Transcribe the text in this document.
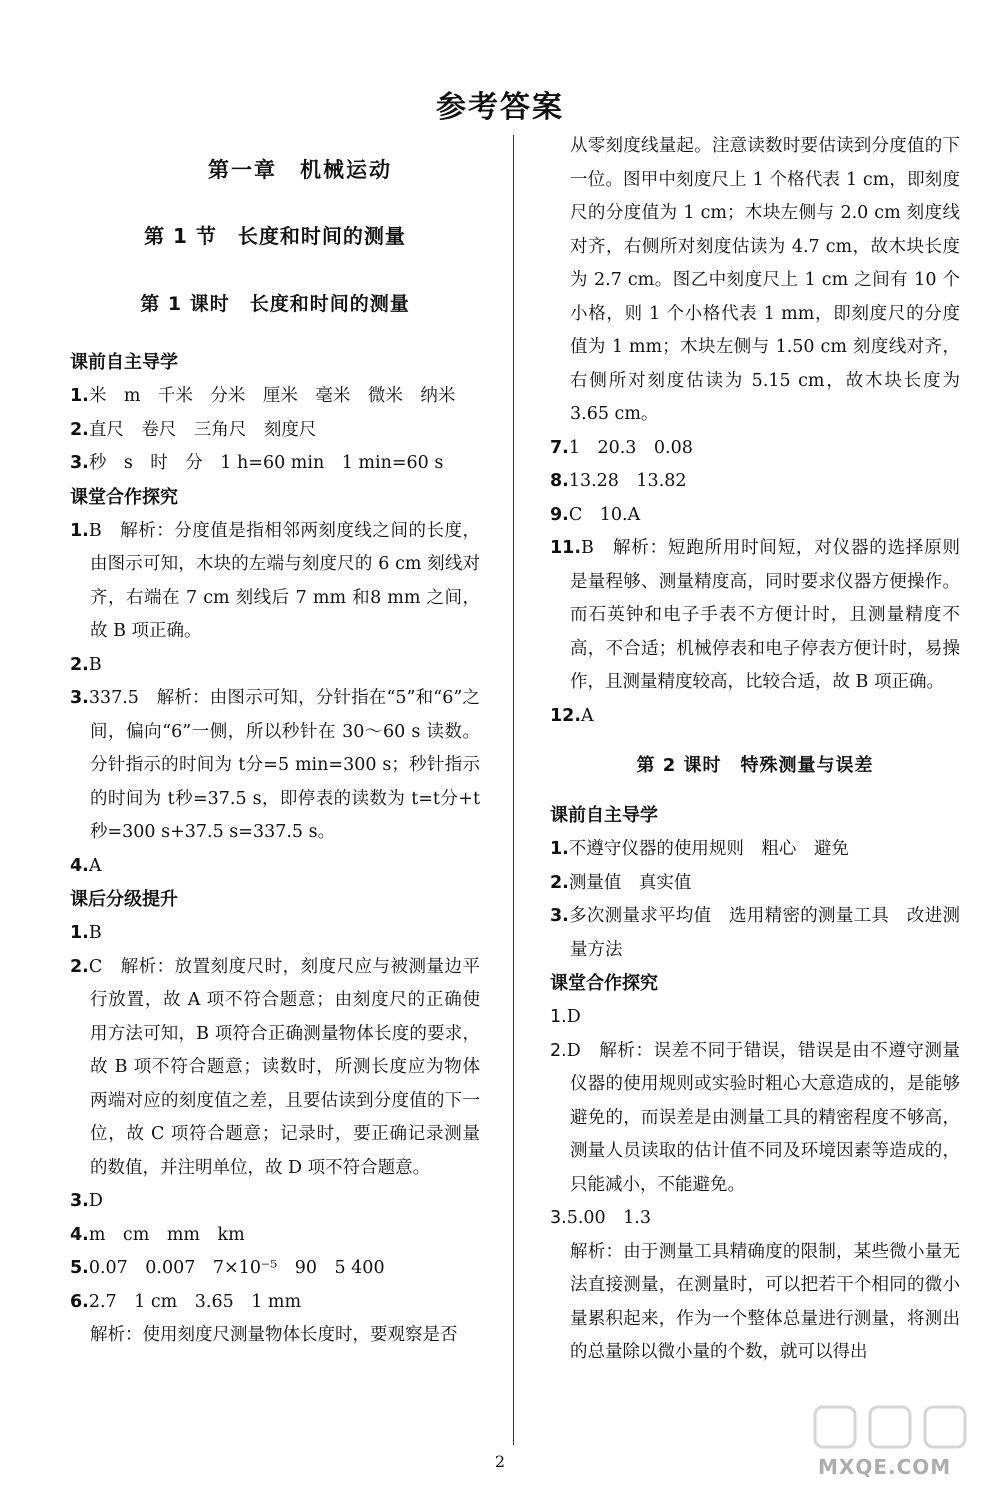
参考答案
第一章　机械运动
第 1 节　长度和时间的测量
第 1 课时　长度和时间的测量
课前自主导学
1.米　m　千米　分米　厘米　毫米　微米　纳米
2.直尺　卷尺　三角尺　刻度尺
3.秒　s　时　分　1 h=60 min　1 min=60 s
课堂合作探究
1.B　解析：分度值是指相邻两刻度线之间的长度，由图示可知，木块的左端与刻度尺的 6 cm 刻线对齐，右端在 7 cm 刻线后 7 mm 和8 mm 之间，故 B 项正确。
2.B
3.337.5　解析：由图示可知，分针指在“5”和“6”之间，偏向“6”一侧，所以秒针在 30～60 s 读数。分针指示的时间为 t分=5 min=300 s；秒针指示的时间为 t秒=37.5 s，即停表的读数为 t=t分+t秒=300 s+37.5 s=337.5 s。
4.A
课后分级提升
1.B
2.C　解析：放置刻度尺时，刻度尺应与被测量边平行放置，故 A 项不符合题意；由刻度尺的正确使用方法可知，B 项符合正确测量物体长度的要求，故 B 项不符合题意；读数时，所测长度应为物体两端对应的刻度值之差，且要估读到分度值的下一位，故 C 项符合题意；记录时，要正确记录测量的数值，并注明单位，故 D 项不符合题意。
3.D
4.m　cm　mm　km
5.0.07　0.007　7×10⁻⁵　90　5 400
6.2.7　1 cm　3.65　1 mm
解析：使用刻度尺测量物体长度时，要观察是否
从零刻度线量起。注意读数时要估读到分度值的下一位。图甲中刻度尺上 1 个格代表 1 cm，即刻度尺的分度值为 1 cm；木块左侧与 2.0 cm 刻度线对齐，右侧所对刻度估读为 4.7 cm，故木块长度为 2.7 cm。图乙中刻度尺上 1 cm 之间有 10 个小格，则 1 个小格代表 1 mm，即刻度尺的分度值为 1 mm；木块左侧与 1.50 cm 刻度线对齐，右侧所对刻度估读为 5.15 cm，故木块长度为 3.65 cm。
7.1　20.3　0.08
8.13.28　13.82
9.C　10.A
11.B　解析：短跑所用时间短，对仪器的选择原则是量程够、测量精度高，同时要求仪器方便操作。而石英钟和电子手表不方便计时，且测量精度不高，不合适；机械停表和电子停表方便计时，易操作，且测量精度较高，比较合适，故 B 项正确。
12.A
第 2 课时　特殊测量与误差
课前自主导学
1.不遵守仪器的使用规则　粗心　避免
2.测量值　真实值
3.多次测量求平均值　选用精密的测量工具　改进测量方法
课堂合作探究
1.D
2.D　解析：误差不同于错误，错误是由不遵守测量仪器的使用规则或实验时粗心大意造成的，是能够避免的，而误差是由测量工具的精密程度不够高，测量人员读取的估计值不同及环境因素等造成的，只能减小，不能避免。
3.5.00　1.3
解析：由于测量工具精确度的限制，某些微小量无法直接测量，在测量时，可以把若干个相同的微小量累积起来，作为一个整体总量进行测量，将测出的总量除以微小量的个数，就可以得出
2	MXQE.COM
